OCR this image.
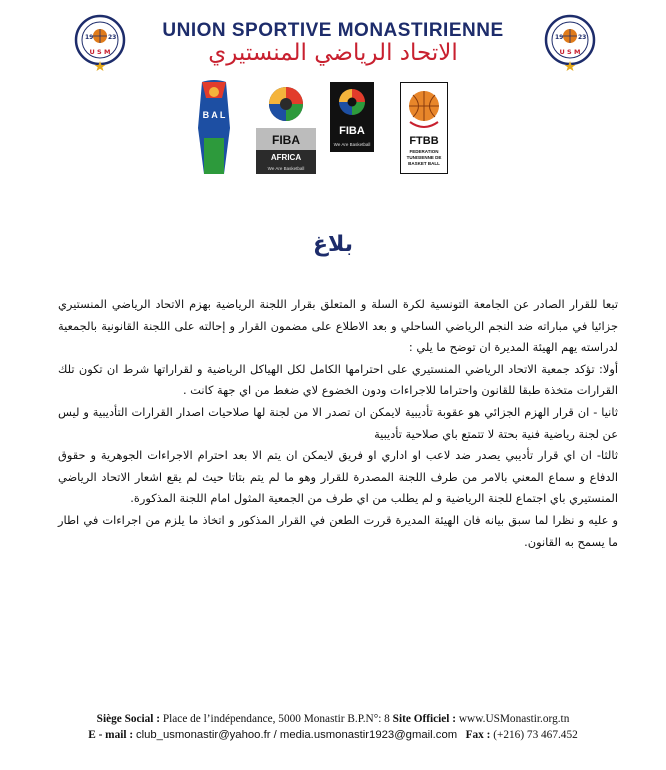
19 23
U S M
UNION SPORTIVE MONASTIRIENNE
الاتحاد الرياضي المنستيري
19 23
U S M
B A L
FIBA
AFRICA
We Are Basketball
FIBA
We Are Basketball	FTBB
FEDERATION
TUNISIENNE DE
BASKET BALL
بلاغ

تبعا للقرار الصادر عن الجامعة التونسية لكرة السلة و المتعلق بقرار اللجنة الرياضية بهزم الاتحاد الرياضي المنستيري جزائيا في مباراته ضد النجم الرياضي الساحلي و بعد الاطلاع على مضمون القرار و إحالته على اللجنة القانونية بالجمعية لدراسته يهم الهيئة المديرة ان توضح ما يلي :

أولا: تؤكد جمعية الاتحاد الرياضي المنستيري على احترامها الكامل لكل الهياكل الرياضية و لقراراتها شرط ان تكون تلك القرارات متخذة طبقا للقانون واحتراما للاجراءات ودون الخضوع لاي ضغط من اي جهة كانت .

ثانيا - ان قرار الهزم الجزائي هو عقوبة تأديبية لايمكن ان تصدر الا من لجنة لها صلاحيات اصدار القرارات التأديبية و ليس عن لجنة رياضية فنية بحتة لا تتمتع باي صلاحية تأديبية

ثالثا- ان اي قرار تأديبي يصدر ضد لاعب او اداري او فريق لايمكن ان يتم الا بعد احترام الاجراءات الجوهرية و حقوق الدفاع و سماع المعني بالامر من طرف اللجنة المصدرة للقرار وهو ما لم يتم بتاتا حيث لم يقع اشعار الاتحاد الرياضي المنستيري باي اجتماع للجنة الرياضية و لم يطلب من اي طرف من الجمعية المثول امام اللجنة المذكورة.

و عليه و نظرا لما سبق بيانه فان الهيئة المديرة قررت الطعن في القرار المذكور و اتخاذ ما يلزم من اجراءات في اطار ما يسمح به القانون.

Siège Social : Place de l’indépendance, 5000 Monastir B.P.N°: 8 Site Officiel : www.USMonastir.org.tn
E - mail : club_usmonastir@yahoo.fr / media.usmonastir1923@gmail.com Fax : (+216) 73 467.452
